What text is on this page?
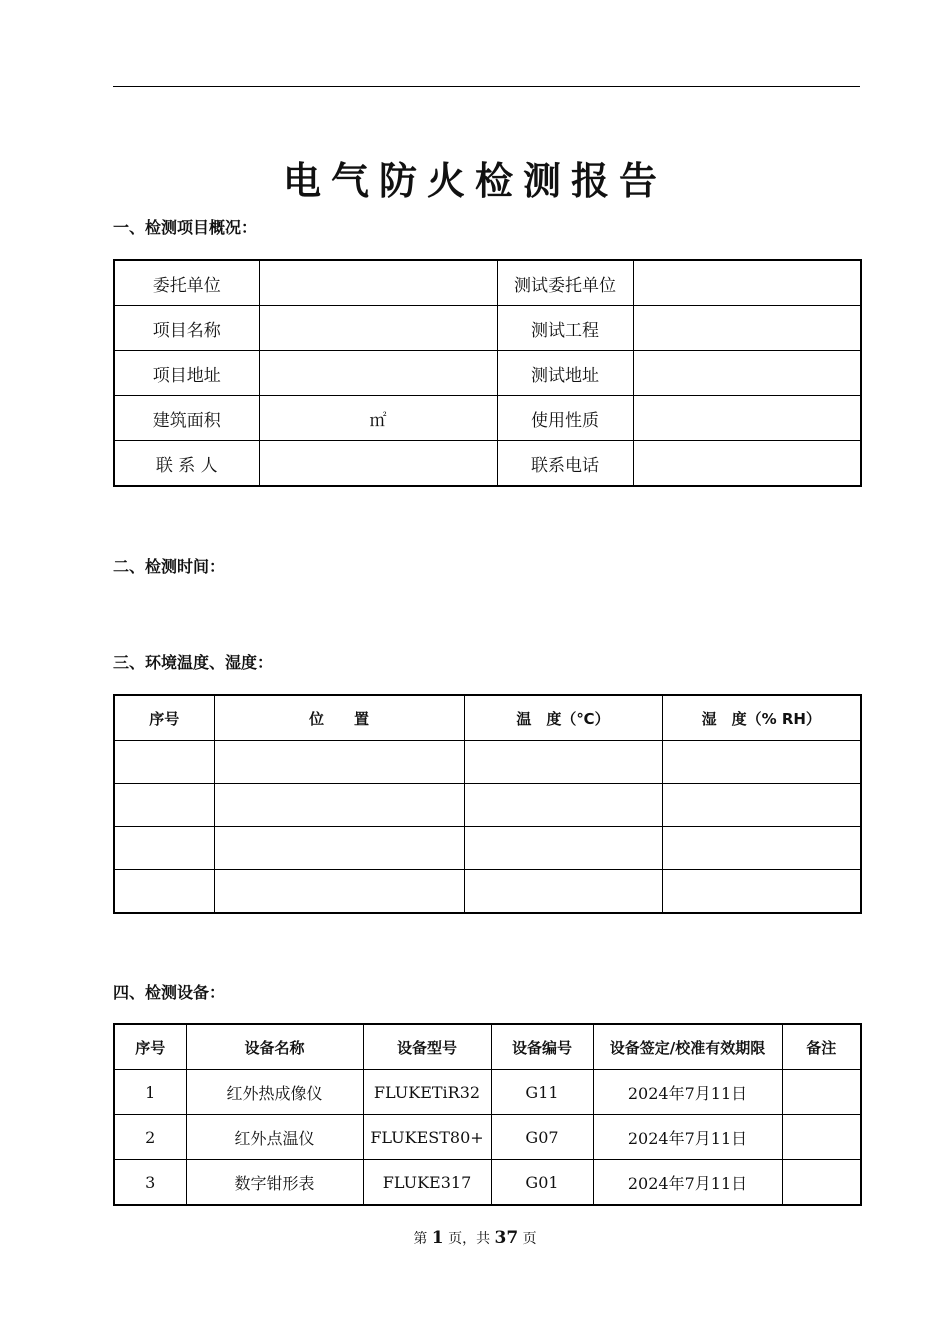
电气防火检测报告
一、检测项目概况：
委托单位		测试委托单位	
项目名称		测试工程	
项目地址		测试地址	
建筑面积	㎡	使用性质	
联 系 人		联系电话	
二、检测时间：
三、环境温度、湿度：
序号	位　　置	温　度（℃）	湿　度（% RH）

四、检测设备：
序号	设备名称	设备型号	设备编号	设备签定/校准有效期限	备注
1	红外热成像仪	FLUKETiR32	G11	2024年7月11日	
2	红外点温仪	FLUKEST80+	G07	2024年7月11日	
3	数字钳形表	FLUKE317	G01	2024年7月11日	
第 1 页，共 37 页
